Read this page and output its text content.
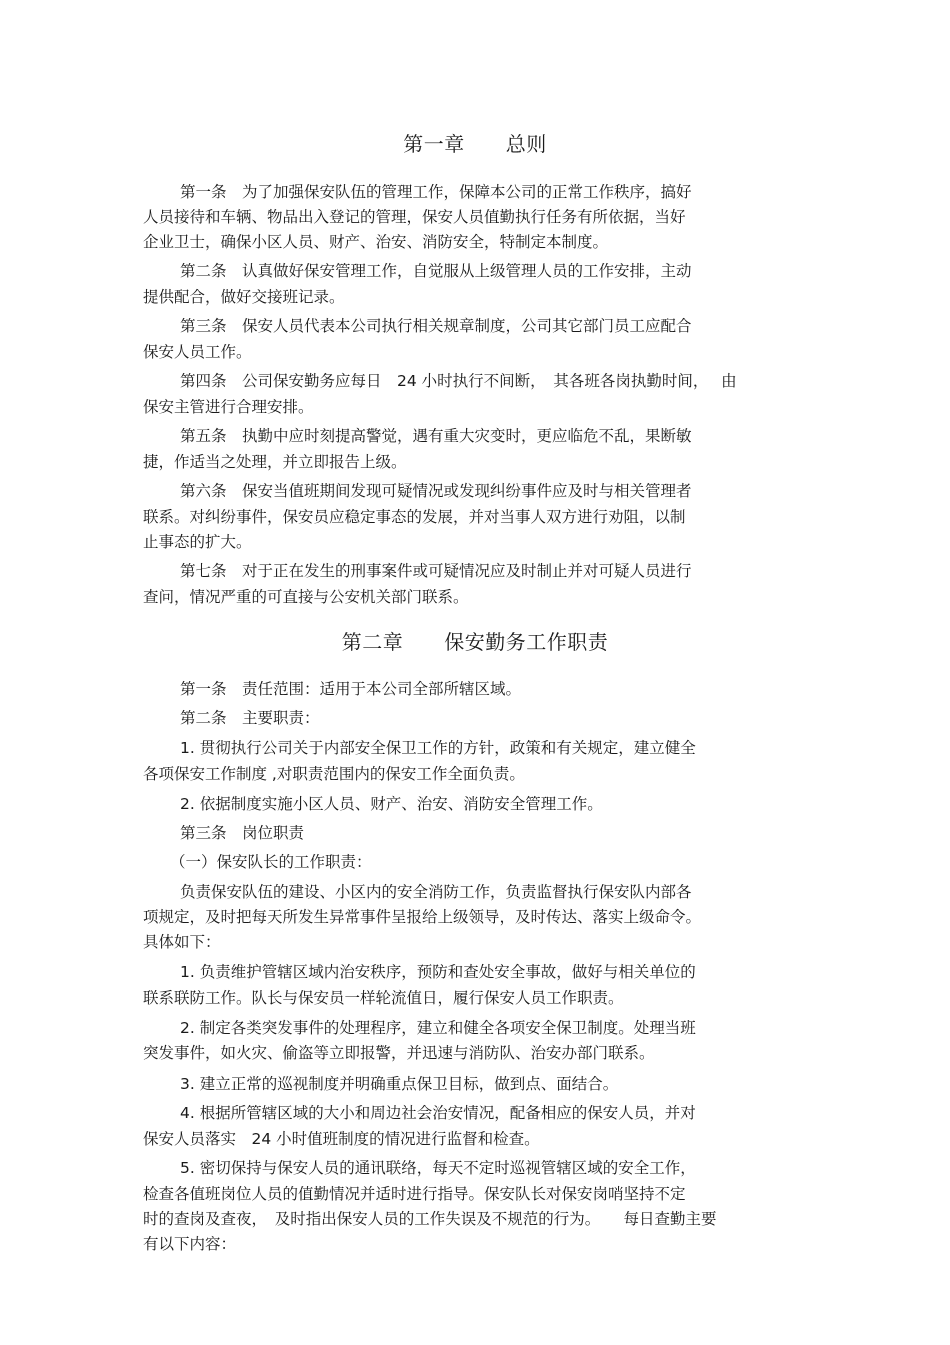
第一章　　总则
第一条　为了加强保安队伍的管理工作，保障本公司的正常工作秩序，搞好
人员接待和车辆、物品出入登记的管理，保安人员值勤执行任务有所依据，当好
企业卫士，确保小区人员、财产、治安、消防安全，特制定本制度。
第二条　认真做好保安管理工作，自觉服从上级管理人员的工作安排，主动
提供配合，做好交接班记录。
第三条　保安人员代表本公司执行相关规章制度，公司其它部门员工应配合
保安人员工作。
第四条　公司保安勤务应每日　24 小时执行不间断，　其各班各岗执勤时间，　 由
保安主管进行合理安排。
第五条　执勤中应时刻提高警觉，遇有重大灾变时，更应临危不乱，果断敏
捷，作适当之处理，并立即报告上级。
第六条　保安当值班期间发现可疑情况或发现纠纷事件应及时与相关管理者
联系。对纠纷事件，保安员应稳定事态的发展，并对当事人双方进行劝阻，以制
止事态的扩大。
第七条　对于正在发生的刑事案件或可疑情况应及时制止并对可疑人员进行
查问，情况严重的可直接与公安机关部门联系。
第二章　　保安勤务工作职责
第一条　责任范围：适用于本公司全部所辖区域。
第二条　主要职责：
1. 贯彻执行公司关于内部安全保卫工作的方针，政策和有关规定，建立健全
各项保安工作制度 ,对职责范围内的保安工作全面负责。
2. 依据制度实施小区人员、财产、治安、消防安全管理工作。
第三条　岗位职责
（一）保安队长的工作职责：
负责保安队伍的建设、小区内的安全消防工作，负责监督执行保安队内部各
项规定，及时把每天所发生异常事件呈报给上级领导，及时传达、落实上级命令。
具体如下：
1. 负责维护管辖区域内治安秩序，预防和查处安全事故，做好与相关单位的
联系联防工作。队长与保安员一样轮流值日，履行保安人员工作职责。
2. 制定各类突发事件的处理程序，建立和健全各项安全保卫制度。处理当班
突发事件，如火灾、偷盗等立即报警，并迅速与消防队、治安办部门联系。
3. 建立正常的巡视制度并明确重点保卫目标，做到点、面结合。
4. 根据所管辖区域的大小和周边社会治安情况，配备相应的保安人员，并对
保安人员落实　24 小时值班制度的情况进行监督和检查。
5. 密切保持与保安人员的通讯联络，每天不定时巡视管辖区域的安全工作，
检查各值班岗位人员的值勤情况并适时进行指导。保安队长对保安岗哨坚持不定
时的查岗及查夜，　及时指出保安人员的工作失误及不规范的行为。　　每日查勤主要
有以下内容：
